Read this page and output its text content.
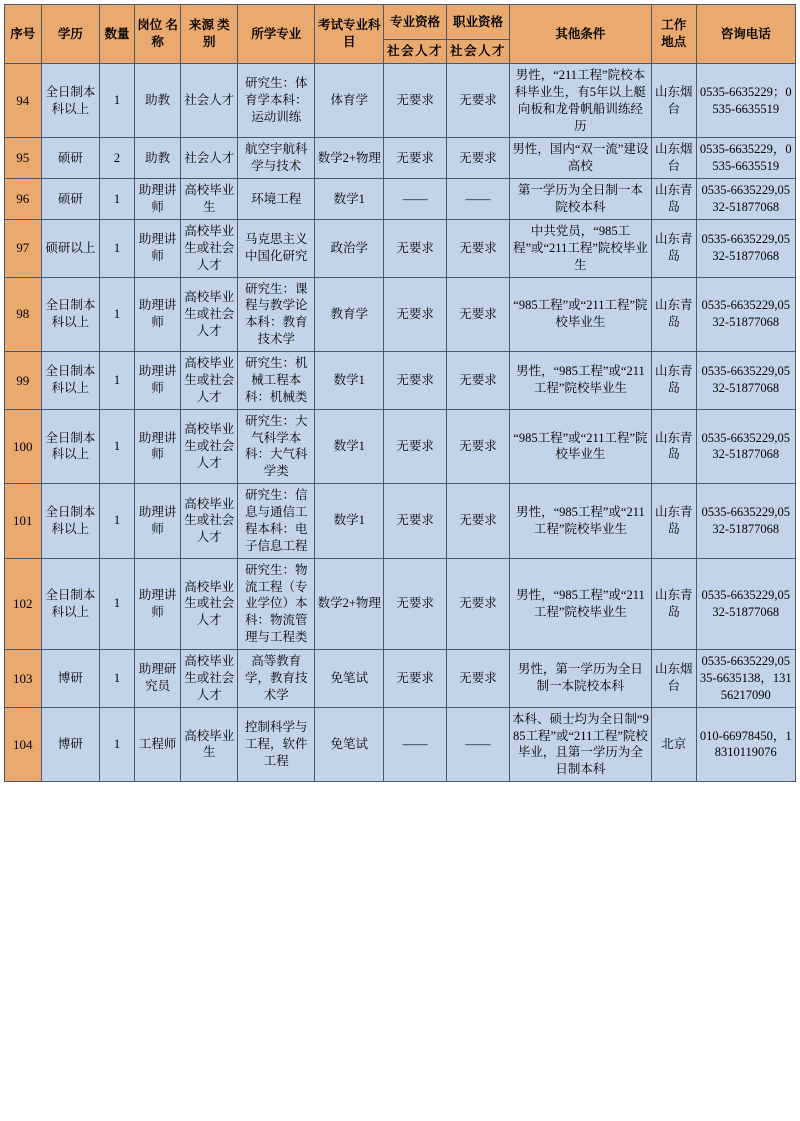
序号	学历	数量	岗位 名称	来源 类别	所学专业	考试专业科 目	专业资格	职业资格	其他条件	工作 地点	咨询电话
							社会人才	社会人才			
94	全日制本科以上	1	助教	社会人才	研究生：体育学本科：运动训练	体育学	无要求	无要求	男性，“211工程”院校本科毕业生，有5年以上艇向板和龙骨帆船训练经历	山东烟台	0535-6635229；0535-6635519
95	硕研	2	助教	社会人才	航空宇航科学与技术	数学2+物理	无要求	无要求	男性，国内“双一流”建设高校	山东烟台	0535-6635229，0535-6635519
96	硕研	1	助理讲师	高校毕业生	环境工程	数学1	——	——	第一学历为全日制一本院校本科	山东青岛	0535-6635229,0532-51877068
97	硕研以上	1	助理讲师	高校毕业生或社会人才	马克思主义中国化研究	政治学	无要求	无要求	中共党员，“985工程”或“211工程”院校毕业生	山东青岛	0535-6635229,0532-51877068
98	全日制本科以上	1	助理讲师	高校毕业生或社会人才	研究生：课程与教学论本科：教育技术学	教育学	无要求	无要求	“985工程”或“211工程”院校毕业生	山东青岛	0535-6635229,0532-51877068
99	全日制本科以上	1	助理讲师	高校毕业生或社会人才	研究生：机械工程本科：机械类	数学1	无要求	无要求	男性，“985工程”或“211工程”院校毕业生	山东青岛	0535-6635229,0532-51877068
100	全日制本科以上	1	助理讲师	高校毕业生或社会人才	研究生：大气科学本科：大气科学类	数学1	无要求	无要求	“985工程”或“211工程”院校毕业生	山东青岛	0535-6635229,0532-51877068
101	全日制本科以上	1	助理讲师	高校毕业生或社会人才	研究生：信息与通信工程本科：电子信息工程	数学1	无要求	无要求	男性，“985工程”或“211工程”院校毕业生	山东青岛	0535-6635229,0532-51877068
102	全日制本科以上	1	助理讲师	高校毕业生或社会人才	研究生：物流工程（专业学位）本科：物流管理与工程类	数学2+物理	无要求	无要求	男性，“985工程”或“211工程”院校毕业生	山东青岛	0535-6635229,0532-51877068
103	博研	1	助理研究员	高校毕业生或社会人才	高等教育学，教育技术学	免笔试	无要求	无要求	男性，第一学历为全日制一本院校本科	山东烟台	0535-6635229,0535-6635138，13156217090
104	博研	1	工程师	高校毕业生	控制科学与工程，软件工程	免笔试	——	——	本科、硕士均为全日制“985工程”或“211工程”院校毕业，且第一学历为全日制本科	北京	010-66978450，18310119076
